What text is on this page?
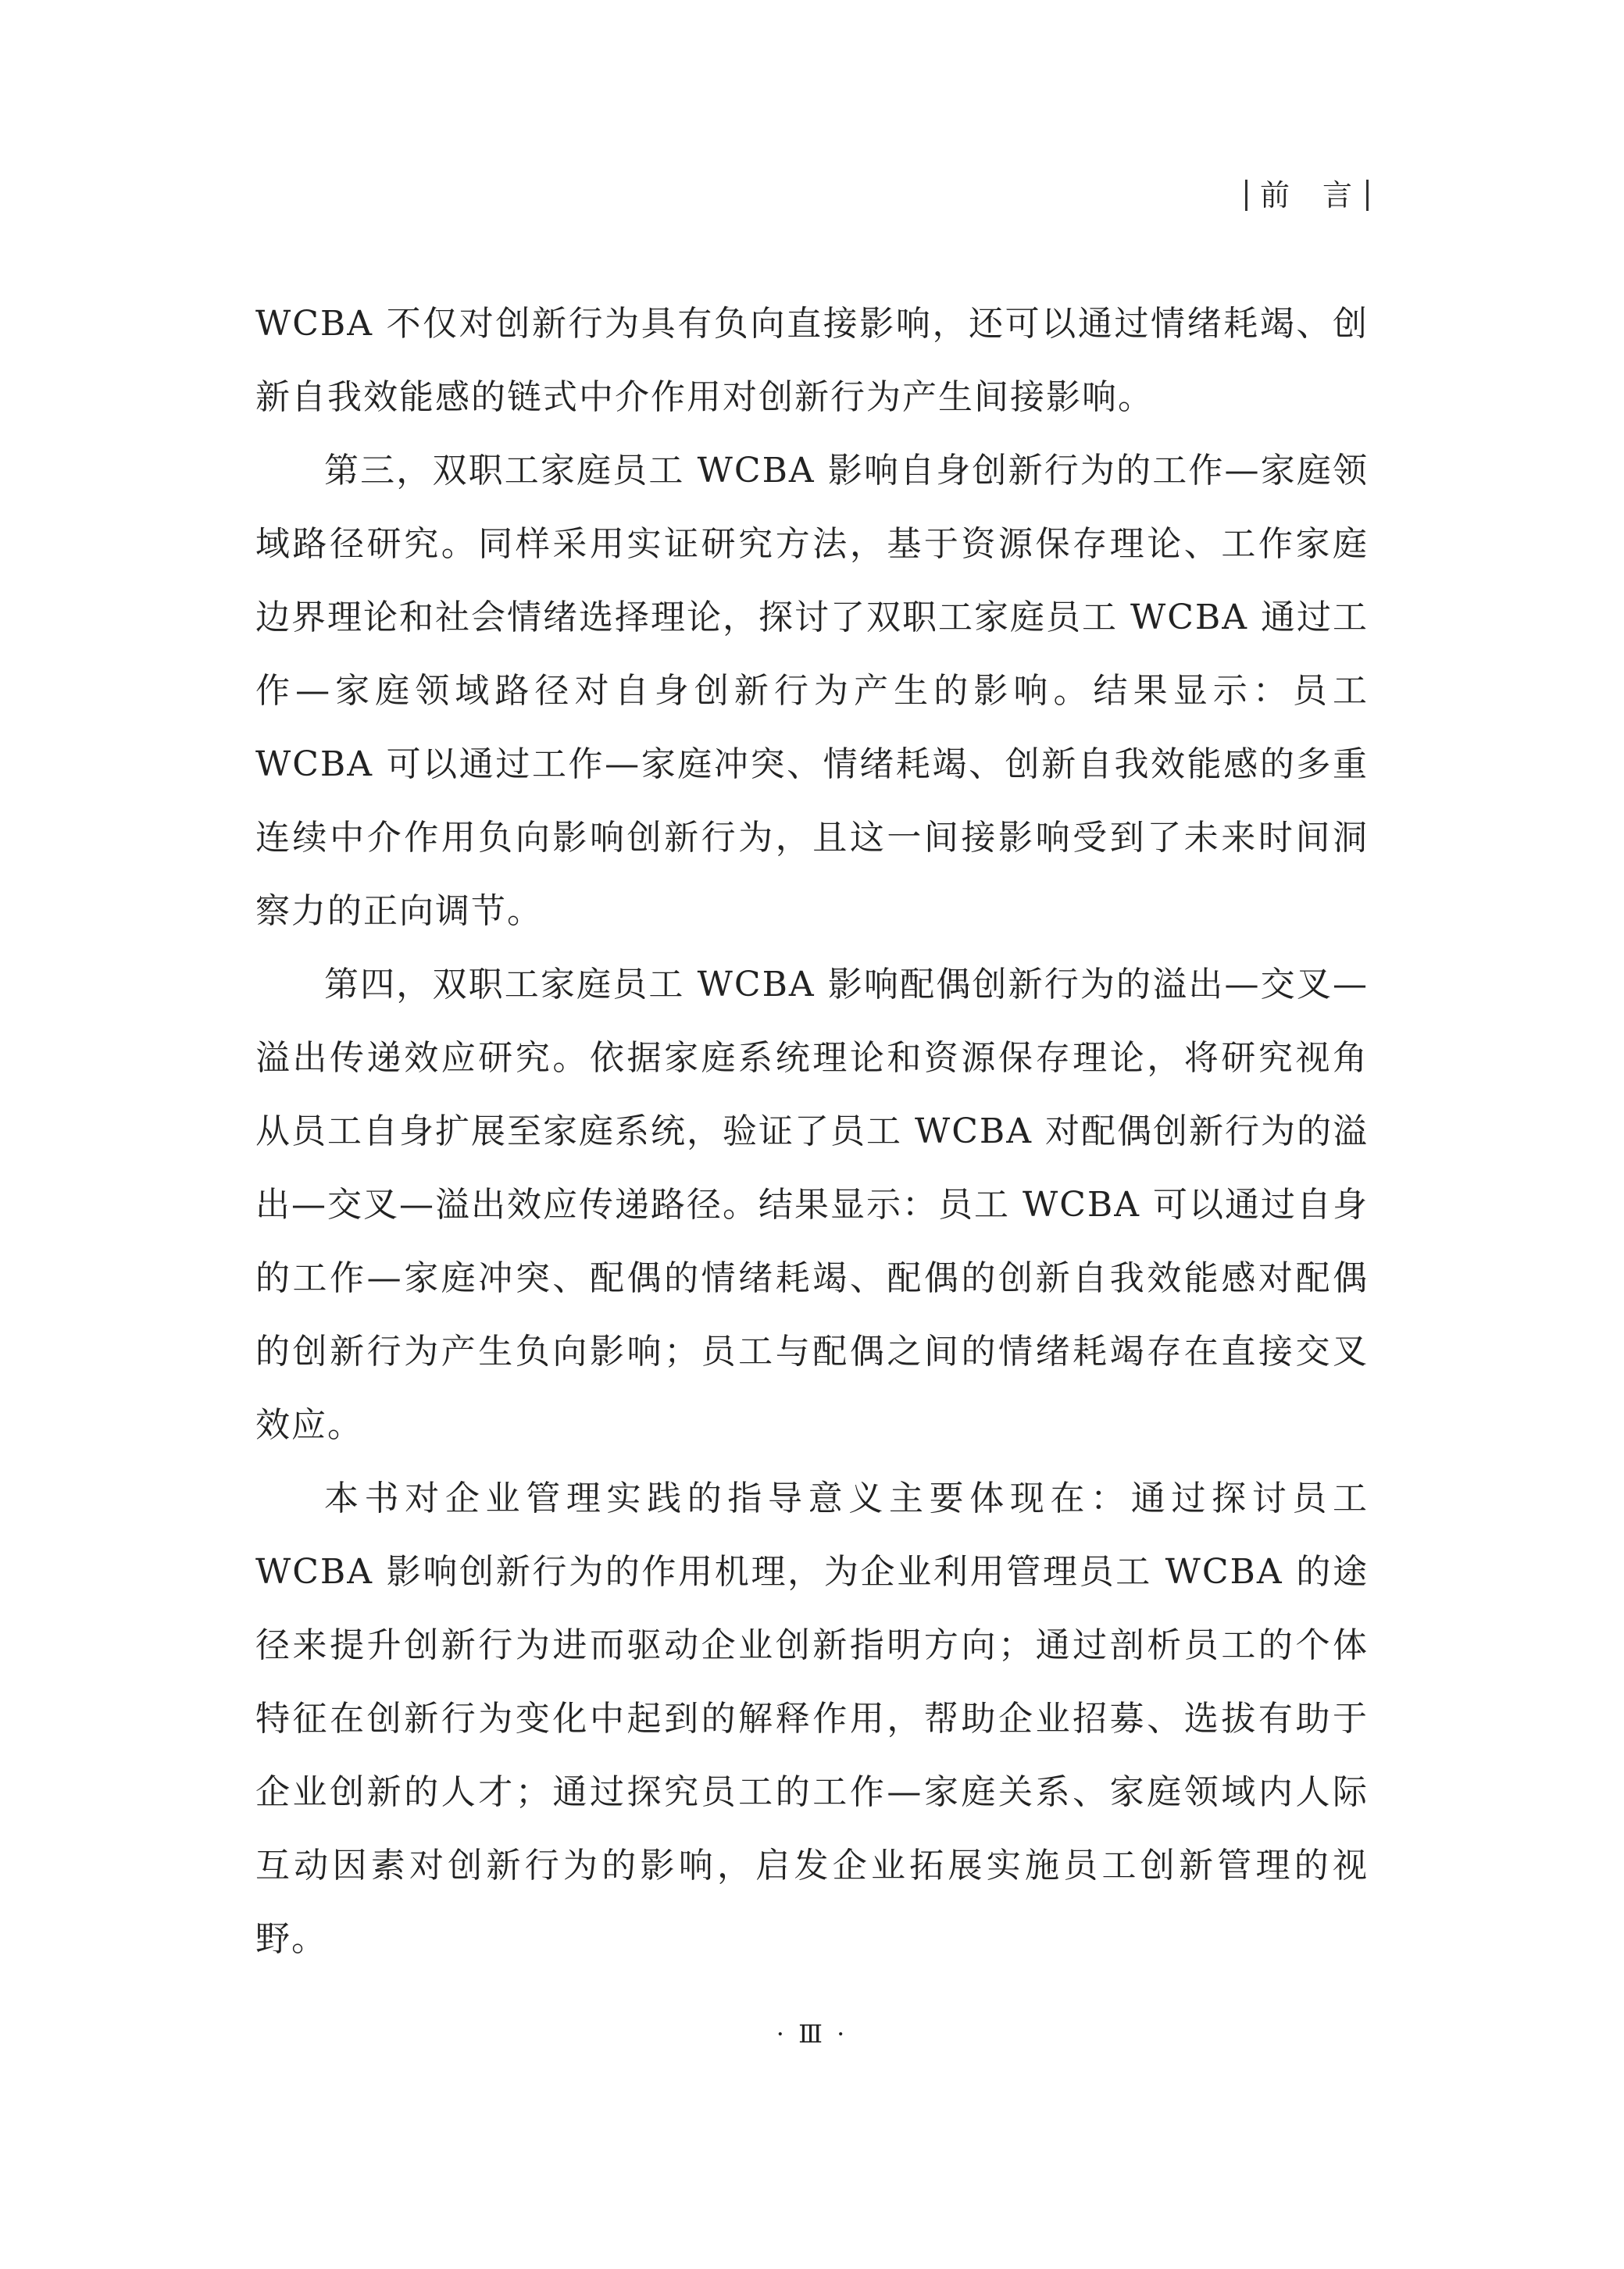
前　言

WCBA 不仅对创新行为具有负向直接影响，还可以通过情绪耗竭、创新自我效能感的链式中介作用对创新行为产生间接影响。

第三，双职工家庭员工 WCBA 影响自身创新行为的工作—家庭领域路径研究。同样采用实证研究方法，基于资源保存理论、工作家庭边界理论和社会情绪选择理论，探讨了双职工家庭员工 WCBA 通过工作—家庭领域路径对自身创新行为产生的影响。结果显示：员工 WCBA 可以通过工作—家庭冲突、情绪耗竭、创新自我效能感的多重连续中介作用负向影响创新行为，且这一间接影响受到了未来时间洞察力的正向调节。

第四，双职工家庭员工 WCBA 影响配偶创新行为的溢出—交叉—溢出传递效应研究。依据家庭系统理论和资源保存理论，将研究视角从员工自身扩展至家庭系统，验证了员工 WCBA 对配偶创新行为的溢出—交叉—溢出效应传递路径。结果显示：员工 WCBA 可以通过自身的工作—家庭冲突、配偶的情绪耗竭、配偶的创新自我效能感对配偶的创新行为产生负向影响；员工与配偶之间的情绪耗竭存在直接交叉效应。

本书对企业管理实践的指导意义主要体现在：通过探讨员工 WCBA 影响创新行为的作用机理，为企业利用管理员工 WCBA 的途径来提升创新行为进而驱动企业创新指明方向；通过剖析员工的个体特征在创新行为变化中起到的解释作用，帮助企业招募、选拔有助于企业创新的人才；通过探究员工的工作—家庭关系、家庭领域内人际互动因素对创新行为的影响，启发企业拓展实施员工创新管理的视野。

· Ⅲ ·
